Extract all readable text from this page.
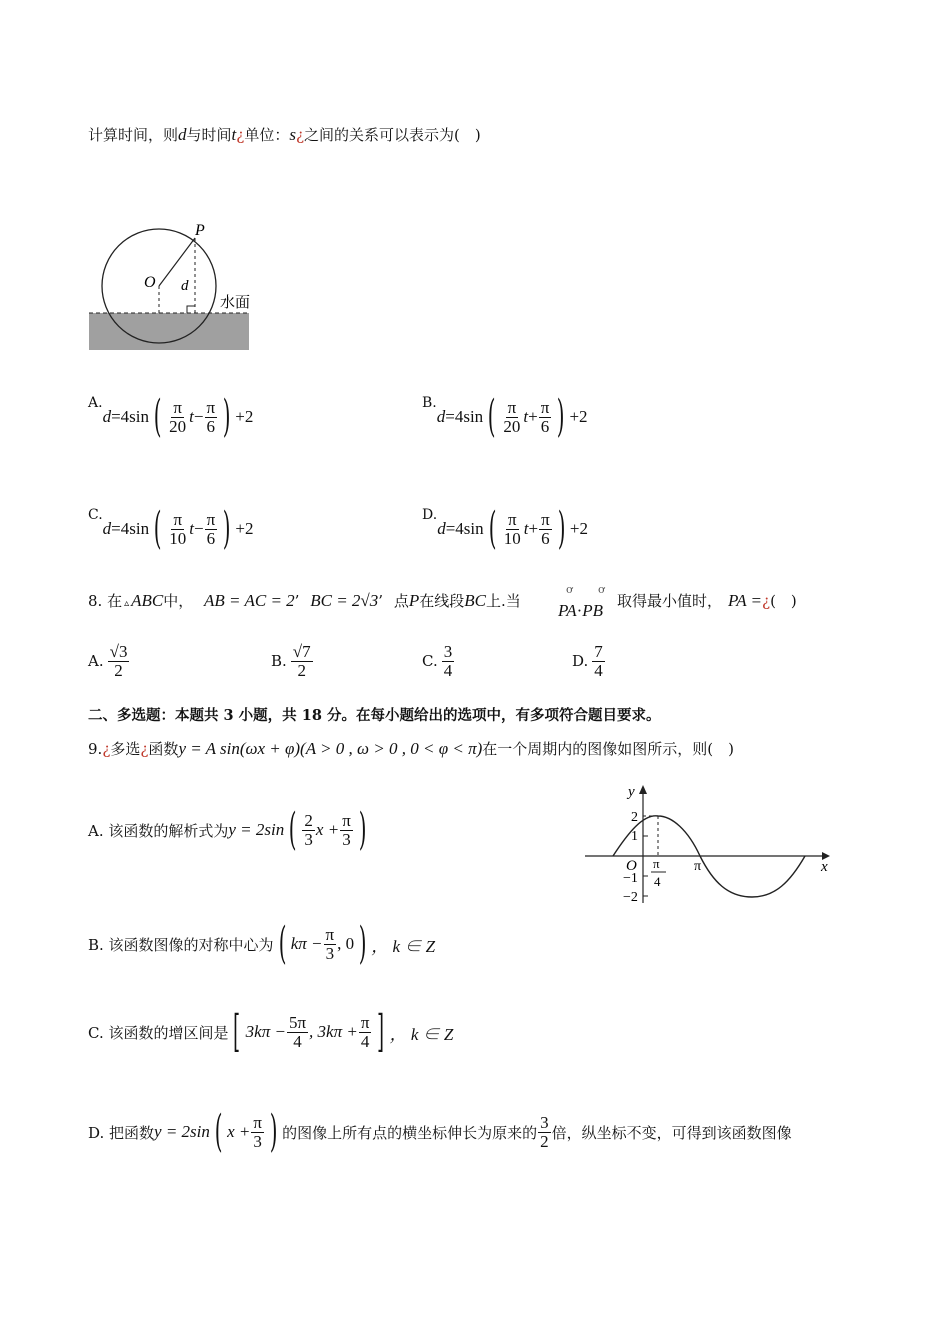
计算时间，则d与时间t¿单位：s¿之间的关系可以表示为(　)
P
O d
水面
A.
d = 4sin ( $\frac{\pi}{20}$ $t - \frac{\pi}{6}$ ) +2
B.
d = 4sin ( $\frac{\pi}{20}$ $t + \frac{\pi}{6}$ ) +2
C.
d = 4sin ( $\frac{\pi}{10}$ $t - \frac{\pi}{6}$ ) +2
D.
d = 4sin ( $\frac{\pi}{10}$ $t + \frac{\pi}{6}$ ) +2
8. 在 ▵ ABC中， AB = AC = 2’ BC = 2√3’ 点P在线段BC上.当
ơ ơ
PA·PB 取得最小值时， PA =¿(　)
A. $\frac{√3}{2}$	B. $\frac{√7}{2}$	C. $\frac{3}{4}$	D. $\frac{7}{4}$
二、多选题：本题共 3 小题，共 18 分。在每小题给出的选项中，有多项符合题目要求。
9.¿多选¿函数y = A sin(ωx + φ)(A > 0 , ω > 0 , 0 < φ < π)在一个周期内的图像如图所示，则(　)
y
x
O
2
1
−1
−2
π
π
4
A. 该函数的解析式为 y = 2sin ( $\frac{2}{3}$ $x + \frac{\pi}{3}$ )
B. 该函数图像的对称中心为 ( $k\pi - \frac{\pi}{3}$ , 0 ) ， k ∈ Z
C. 该函数的增区间是 [ $3k\pi - \frac{5\pi}{4}$ , $3k\pi + \frac{\pi}{4}$ ] ， k ∈ Z
D. 把函数 y = 2sin ( $x + \frac{\pi}{3}$ ) 的图像上所有点的横坐标伸长为原来的 $\frac{3}{2}$ 倍，纵坐标不变，可得到该函数图像
